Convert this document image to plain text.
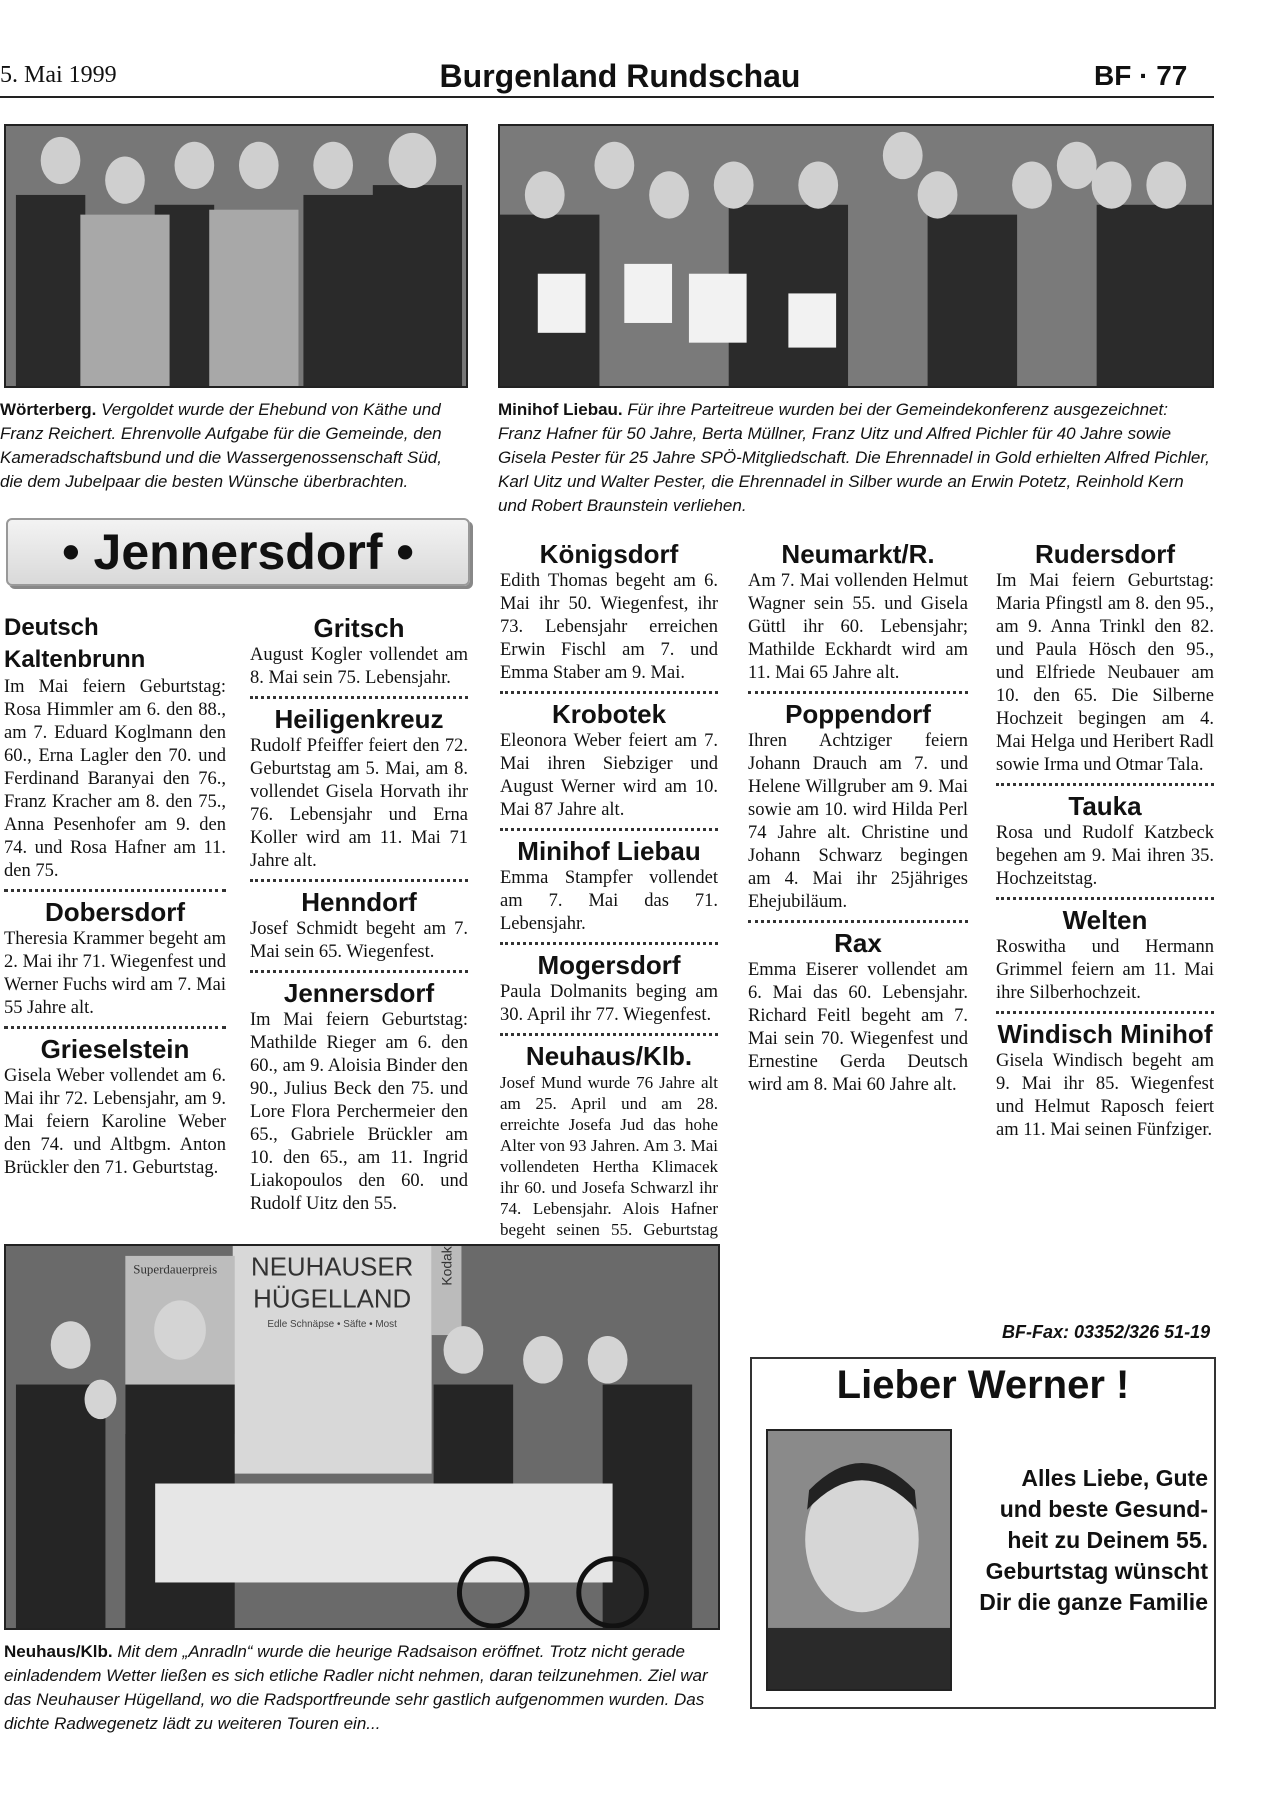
5. Mai 1999	Burgenland Rundschau	BF · 77
Wörterberg. Vergoldet wurde der Ehebund von Käthe und Franz Reichert. Ehrenvolle Aufgabe für die Gemeinde, den Kameradschaftsbund und die Wassergenossenschaft Süd, die dem Jubelpaar die besten Wünsche überbrachten.
Minihof Liebau. Für ihre Parteitreue wurden bei der Gemeindekonferenz ausgezeichnet: Franz Hafner für 50 Jahre, Berta Müllner, Franz Uitz und Alfred Pichler für 40 Jahre sowie Gisela Pester für 25 Jahre SPÖ-Mitgliedschaft. Die Ehrennadel in Gold erhielten Alfred Pichler, Karl Uitz und Walter Pester, die Ehrennadel in Silber wurde an Erwin Potetz, Reinhold Kern und Robert Braunstein verliehen.
• Jennersdorf •
Deutsch Kaltenbrunn

Im Mai feiern Geburtstag: Rosa Himmler am 6. den 88., am 7. Eduard Koglmann den 60., Erna Lagler den 70. und Ferdinand Baranyai den 76., Franz Kracher am 8. den 75., Anna Pesenhofer am 9. den 74. und Rosa Hafner am 11. den 75.

Dobersdorf

Theresia Krammer begeht am 2. Mai ihr 71. Wiegenfest und Werner Fuchs wird am 7. Mai 55 Jahre alt.

Grieselstein

Gisela Weber vollendet am 6. Mai ihr 72. Lebensjahr, am 9. Mai feiern Karoline Weber den 74. und Altbgm. Anton Brückler den 71. Geburtstag.

Gritsch

August Kogler vollendet am 8. Mai sein 75. Lebensjahr.

Heiligenkreuz

Rudolf Pfeiffer feiert den 72. Geburtstag am 5. Mai, am 8. vollendet Gisela Horvath ihr 76. Lebensjahr und Erna Koller wird am 11. Mai 71 Jahre alt.

Henndorf

Josef Schmidt begeht am 7. Mai sein 65. Wiegenfest.

Jennersdorf

Im Mai feiern Geburtstag: Mathilde Rieger am 6. den 60., am 9. Aloisia Binder den 90., Julius Beck den 75. und Lore Flora Perchermeier den 65., Gabriele Brückler am 10. den 65., am 11. Ingrid Liakopoulos den 60. und Rudolf Uitz den 55.

Königsdorf

Edith Thomas begeht am 6. Mai ihr 50. Wiegenfest, ihr 73. Lebensjahr erreichen Erwin Fischl am 7. und Emma Staber am 9. Mai.

Krobotek

Eleonora Weber feiert am 7. Mai ihren Siebziger und August Werner wird am 10. Mai 87 Jahre alt.

Minihof Liebau

Emma Stampfer vollendet am 7. Mai das 71. Lebensjahr.

Mogersdorf

Paula Dolmanits beging am 30. April ihr 77. Wiegenfest.

Neuhaus/Klb.

Josef Mund wurde 76 Jahre alt am 25. April und am 28. erreichte Josefa Jud das hohe Alter von 93 Jahren. Am 3. Mai vollendeten Hertha Klimacek ihr 60. und Josefa Schwarzl ihr 74. Lebensjahr. Alois Hafner begeht seinen 55. Geburtstag

Neumarkt/R.

Am 7. Mai vollenden Helmut Wagner sein 55. und Gisela Güttl ihr 60. Lebensjahr; Mathilde Eckhardt wird am 11. Mai 65 Jahre alt.

Poppendorf

Ihren Achtziger feiern Johann Drauch am 7. und Helene Willgruber am 9. Mai sowie am 10. wird Hilda Perl 74 Jahre alt. Christine und Johann Schwarz begingen am 4. Mai ihr 25jähriges Ehejubiläum.

Rax

Emma Eiserer vollendet am 6. Mai das 60. Lebensjahr. Richard Feitl begeht am 7. Mai sein 70. Wiegenfest und Ernestine Gerda Deutsch wird am 8. Mai 60 Jahre alt.

Rudersdorf

Im Mai feiern Geburtstag: Maria Pfingstl am 8. den 95., am 9. Anna Trinkl den 82. und Paula Hösch den 95., und Elfriede Neubauer am 10. den 65. Die Silberne Hochzeit begingen am 4. Mai Helga und Heribert Radl sowie Irma und Otmar Tala.

Tauka

Rosa und Rudolf Katzbeck begehen am 9. Mai ihren 35. Hochzeitstag.

Welten

Roswitha und Hermann Grimmel feiern am 11. Mai ihre Silberhochzeit.

Windisch Minihof

Gisela Windisch begeht am 9. Mai ihr 85. Wiegenfest und Helmut Raposch feiert am 11. Mai seinen Fünfziger.

NEUHAUSER
HÜGELLAND
Edle Schnäpse • Säfte • Most
Superdauerpreis	Kodak
Neuhaus/Klb. Mit dem „Anradln“ wurde die heurige Radsaison eröffnet. Trotz nicht gerade einladendem Wetter ließen es sich etliche Radler nicht nehmen, daran teilzunehmen. Ziel war das Neuhauser Hügelland, wo die Radsportfreunde sehr gastlich aufgenommen wurden. Das dichte Radwegenetz lädt zu weiteren Touren ein...
BF-Fax: 03352/326 51-19
Lieber Werner !
Alles Liebe, Gute
und beste Gesund-
heit zu Deinem 55.
Geburtstag wünscht
Dir die ganze Familie
